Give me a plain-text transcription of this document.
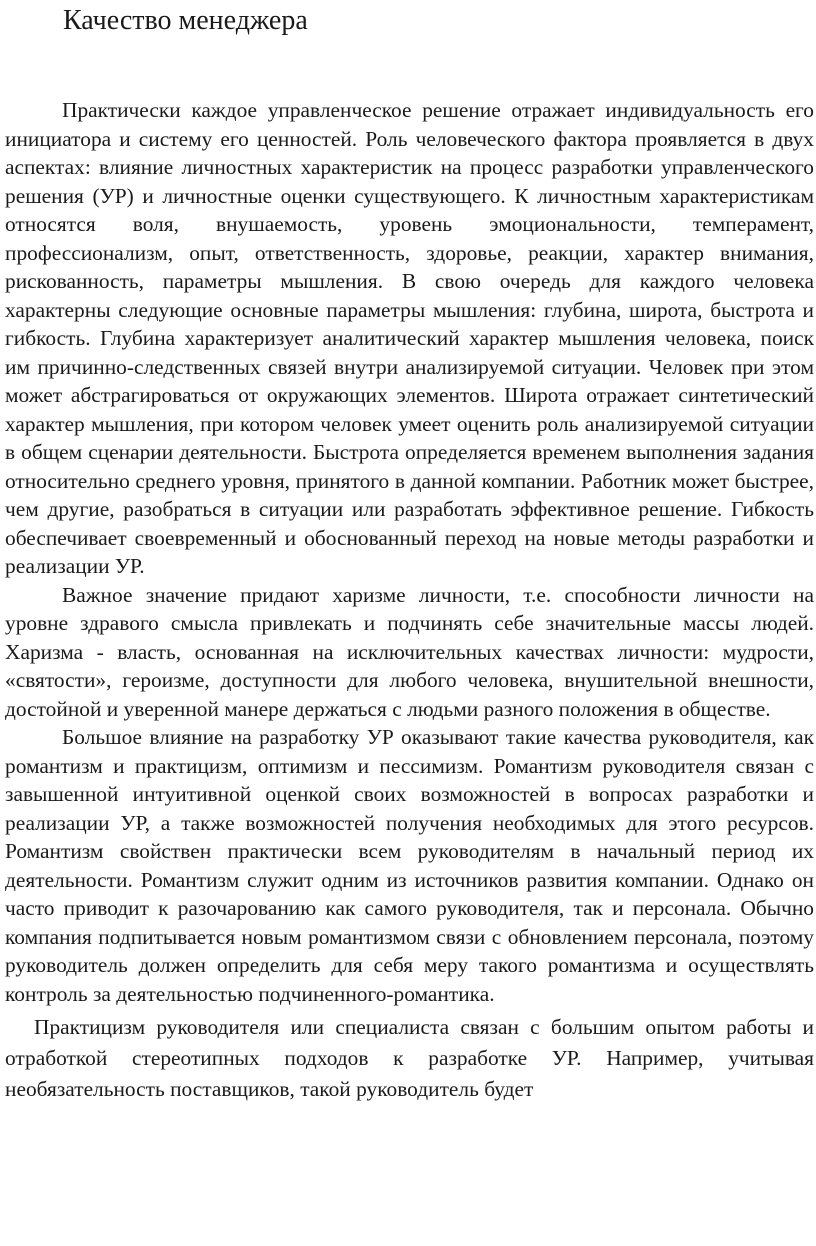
Качество менеджера

Практически каждое управленческое решение отражает индивидуальность его инициатора и систему его ценностей. Роль человеческого фактора проявляется в двух аспектах: влияние личностных характеристик на процесс разработки управленческого решения (УР) и личностные оценки существующего. К личностным характеристикам относятся воля, внушаемость, уровень эмоциональности, темперамент, профессионализм, опыт, ответственность, здоровье, реакции, характер внимания, рискованность, параметры мышления. В свою очередь для каждого человека характерны следующие основные параметры мышления: глубина, широта, быстрота и гибкость. Глубина характеризует аналитический характер мышления человека, поиск им причинно-следственных связей внутри анализируемой ситуации. Человек при этом может абстрагироваться от окружающих элементов. Широта отражает синтетический характер мышления, при котором человек умеет оценить роль анализируемой ситуации в общем сценарии деятельности. Быстрота определяется временем выполнения задания относительно среднего уровня, принятого в данной компании. Работник может быстрее, чем другие, разобраться в ситуации или разработать эффективное решение. Гибкость обеспечивает своевременный и обоснованный переход на новые методы разработки и реализации УР.

Важное значение придают харизме личности, т.е. способности личности на уровне здравого смысла привлекать и подчинять себе значительные массы людей. Харизма - власть, основанная на исключительных качествах личности: мудрости, «святости», героизме, доступности для любого человека, внушительной внешности, достойной и уверенной манере держаться с людьми разного положения в обществе.

Большое влияние на разработку УР оказывают такие качества руководителя, как романтизм и практицизм, оптимизм и пессимизм. Романтизм руководителя связан с завышенной интуитивной оценкой своих возможностей в вопросах разработки и реализации УР, а также возможностей получения необходимых для этого ресурсов. Романтизм свойствен практически всем руководителям в начальный период их деятельности. Романтизм служит одним из источников развития компании. Однако он часто приводит к разочарованию как самого руководителя, так и персонала. Обычно компания подпитывается новым романтизмом связи с обновлением персонала, поэтому руководитель должен определить для себя меру такого романтизма и осуществлять контроль за деятельностью подчиненного-романтика.

Практицизм руководителя или специалиста связан с большим опытом работы и отработкой стереотипных подходов к разработке УР. Например, учитывая необязательность поставщиков, такой руководитель будет
